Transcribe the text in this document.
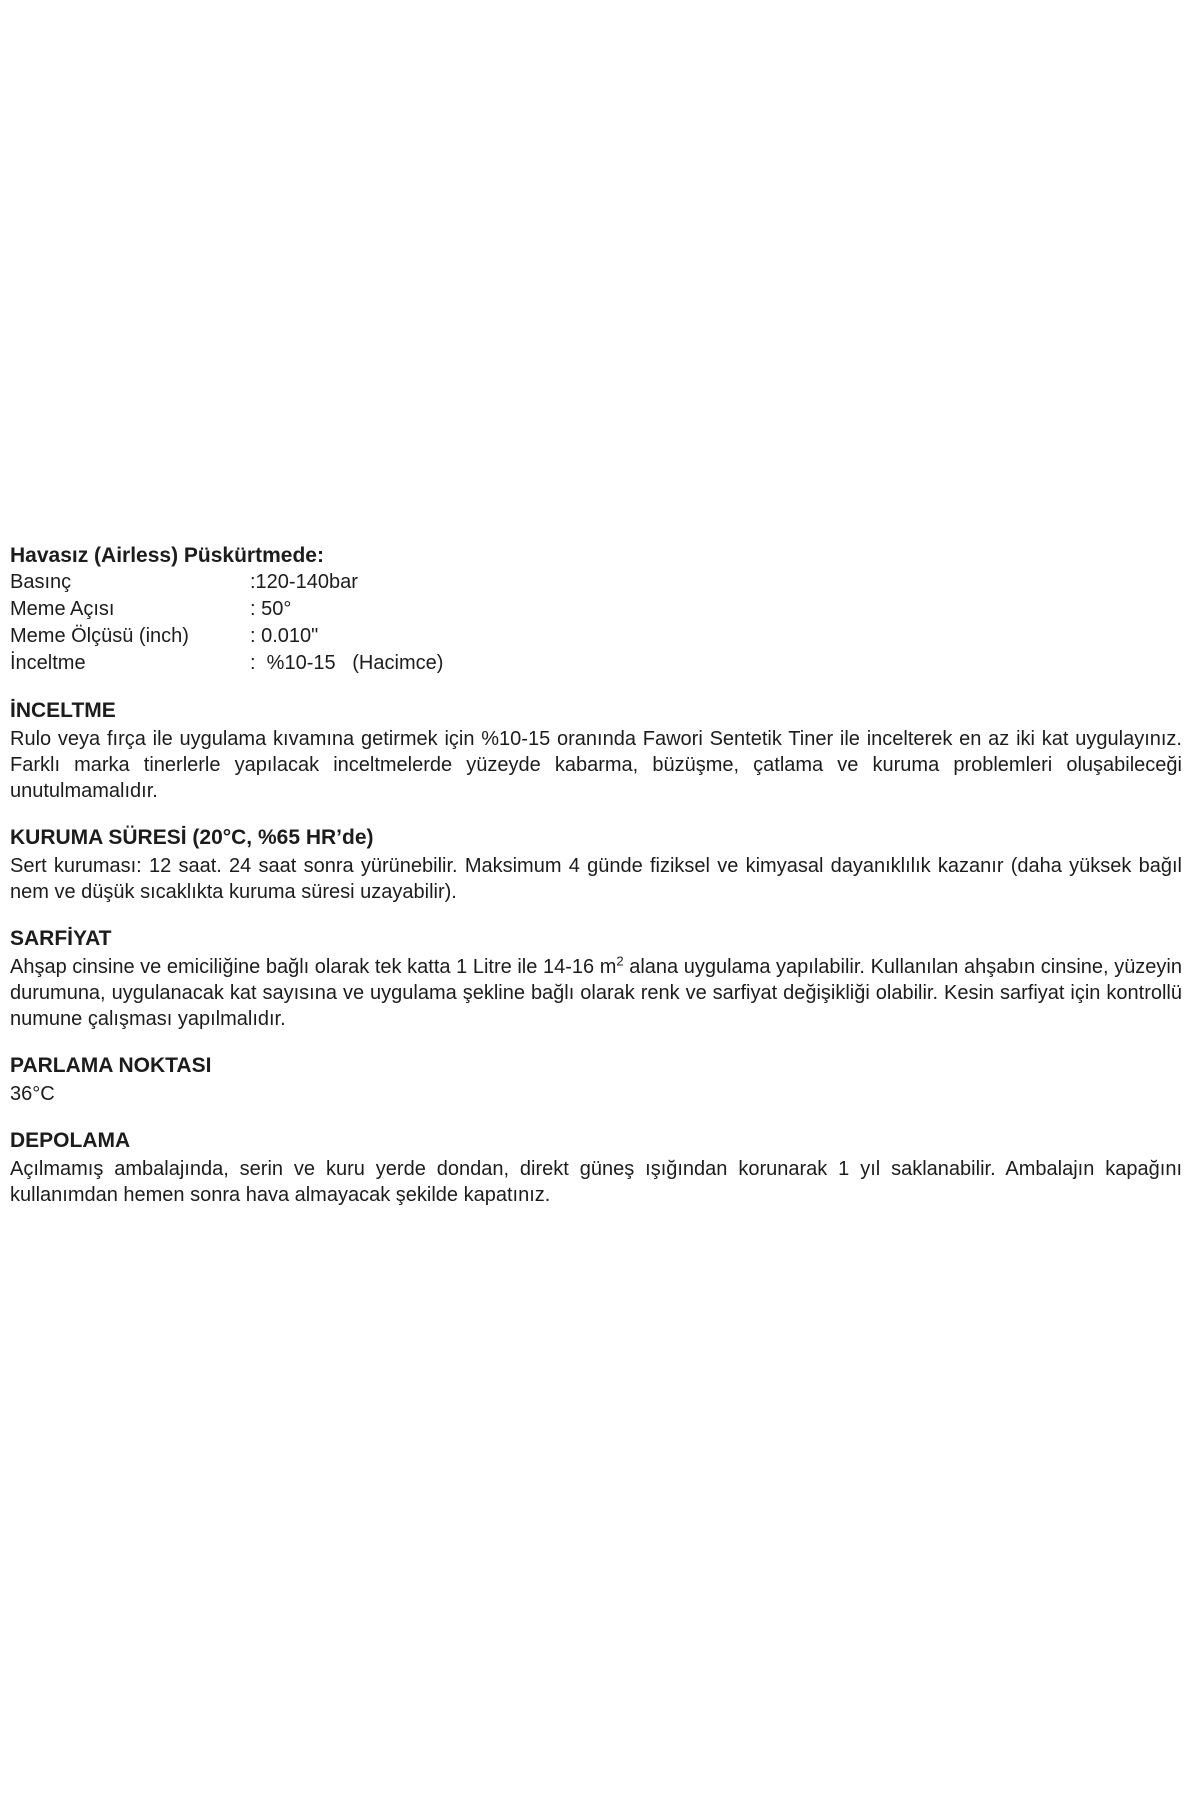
Havasız (Airless) Püskürtmede:

Basınç	:120-140bar
Meme Açısı	: 50°
Meme Ölçüsü (inch)	: 0.010"
İnceltme	:  %10-15   (Hacimce)

İNCELTME

Rulo veya fırça ile uygulama kıvamına getirmek için %10-15 oranında Fawori Sentetik Tiner ile incelterek en az iki kat uygulayınız. Farklı marka tinerlerle yapılacak inceltmelerde yüzeyde kabarma, büzüşme, çatlama ve kuruma problemleri oluşabileceği unutulmamalıdır.

KURUMA SÜRESİ (20°C, %65 HR’de)

Sert kuruması: 12 saat. 24 saat sonra yürünebilir. Maksimum 4 günde fiziksel ve kimyasal dayanıklılık kazanır (daha yüksek bağıl nem ve düşük sıcaklıkta kuruma süresi uzayabilir).

SARFİYAT

Ahşap cinsine ve emiciliğine bağlı olarak tek katta 1 Litre ile 14-16 $m^2$ alana uygulama yapılabilir. Kullanılan ahşabın cinsine, yüzeyin durumuna, uygulanacak kat sayısına ve uygulama şekline bağlı olarak renk ve sarfiyat değişikliği olabilir. Kesin sarfiyat için kontrollü numune çalışması yapılmalıdır.

PARLAMA NOKTASI

36°C

DEPOLAMA

Açılmamış ambalajında, serin ve kuru yerde dondan, direkt güneş ışığından korunarak 1 yıl saklanabilir. Ambalajın kapağını kullanımdan hemen sonra hava almayacak şekilde kapatınız.
